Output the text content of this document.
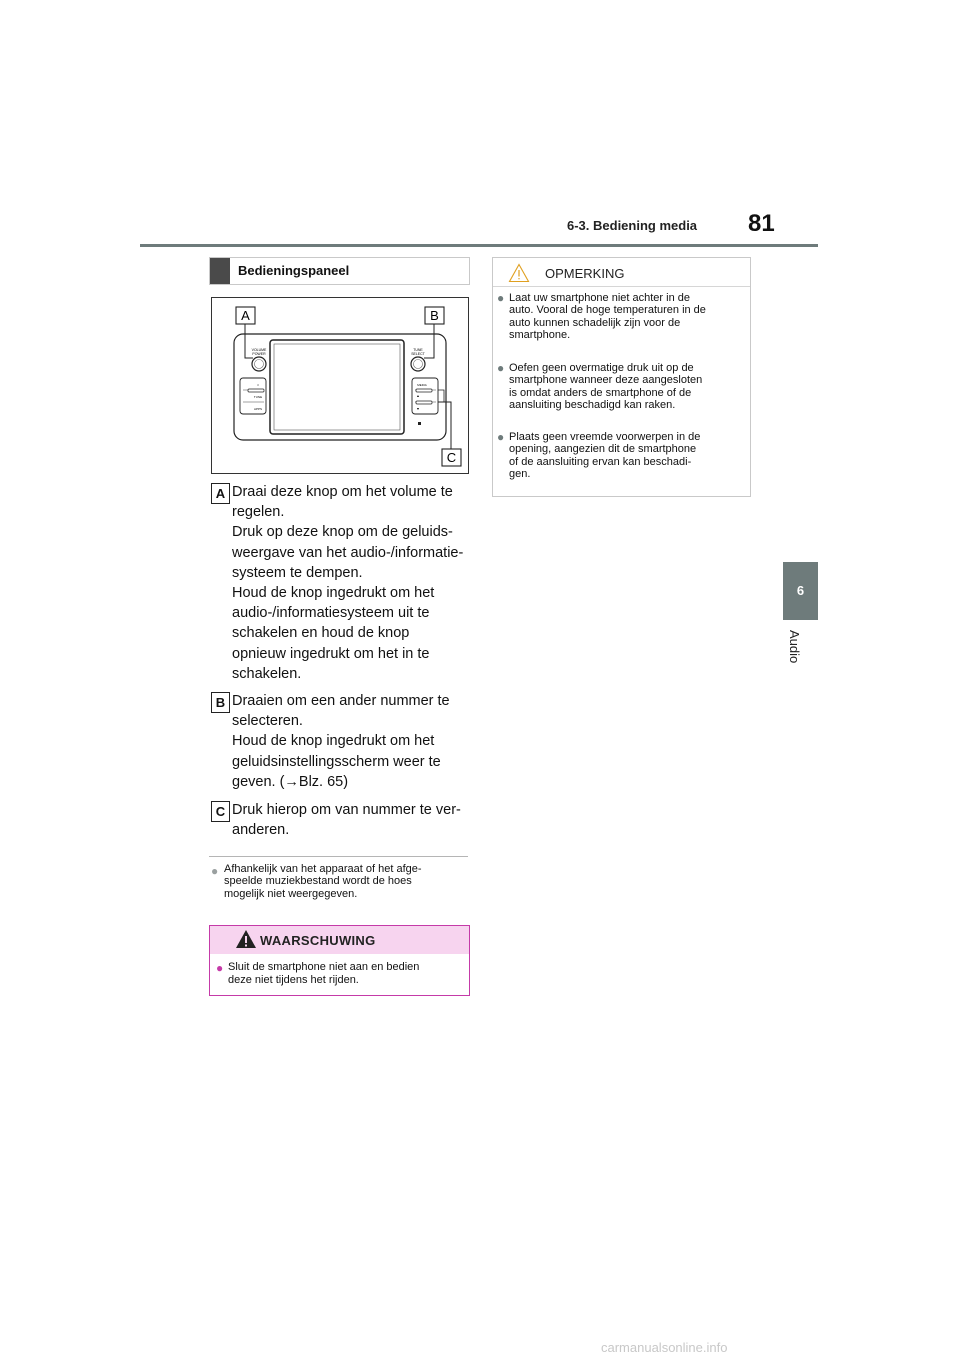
6-3. Bediening media 81
6
Audio
Bedieningspaneel
VOLUME
POWER
⌂
TUNE
APPS
TUNE
SELECT
MEDIA
▲
▼
A	B
C
A Draai deze knop om het volume te
regelen.
Druk op deze knop om de geluids-
weergave van het audio-/informatie-
systeem te dempen.
Houd de knop ingedrukt om het
audio-/informatiesysteem uit te
schakelen en houd de knop
opnieuw ingedrukt om het in te
schakelen.
B Draaien om een ander nummer te
selecteren.
Houd de knop ingedrukt om het
geluidsinstellingsscherm weer te
geven. (→Blz. 65)
C Druk hierop om van nummer te ver-
anderen.
● Afhankelijk van het apparaat of het afge-
speelde muziekbestand wordt de hoes
mogelijk niet weergegeven.
WAARSCHUWING
● Sluit de smartphone niet aan en bedien
deze niet tijdens het rijden.
OPMERKING
● Laat uw smartphone niet achter in de
auto. Vooral de hoge temperaturen in de
auto kunnen schadelijk zijn voor de
smartphone.
● Oefen geen overmatige druk uit op de
smartphone wanneer deze aangesloten
is omdat anders de smartphone of de
aansluiting beschadigd kan raken.
● Plaats geen vreemde voorwerpen in de
opening, aangezien dit de smartphone
of de aansluiting ervan kan beschadi-
gen.
carmanualsonline.info
